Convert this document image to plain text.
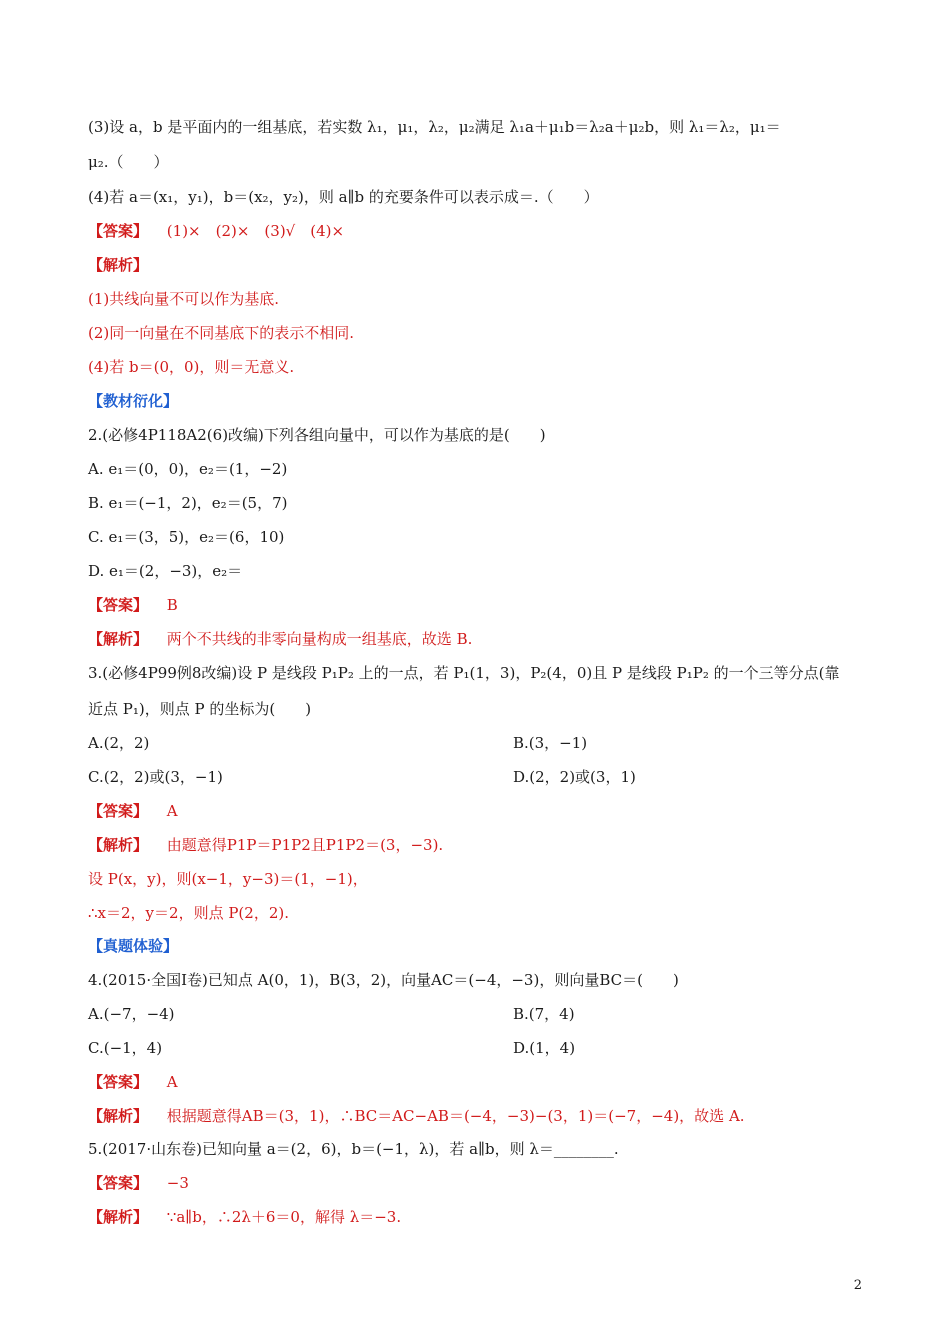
(3)设 a，b 是平面内的一组基底，若实数 λ₁，μ₁，λ₂，μ₂满足 λ₁a＋μ₁b＝λ₂a＋μ₂b，则 λ₁＝λ₂，μ₁＝
μ₂.（　　）
(4)若 a＝(x₁，y₁)，b＝(x₂，y₂)，则 a∥b 的充要条件可以表示成＝.（　　）
【答案】 (1)×　(2)×　(3)√　(4)×
【解析】
(1)共线向量不可以作为基底.
(2)同一向量在不同基底下的表示不相同.
(4)若 b＝(0，0)，则＝无意义.
【教材衍化】
2.(必修4P118A2(6)改编)下列各组向量中，可以作为基底的是(　　)
A. e₁＝(0，0)，e₂＝(1，−2)
B. e₁＝(−1，2)，e₂＝(5，7)
C. e₁＝(3，5)，e₂＝(6，10)
D. e₁＝(2，−3)，e₂＝
【答案】 B
【解析】 两个不共线的非零向量构成一组基底，故选 B.
3.(必修4P99例8改编)设 P 是线段 P₁P₂ 上的一点，若 P₁(1，3)，P₂(4，0)且 P 是线段 P₁P₂ 的一个三等分点(靠
近点 P₁)，则点 P 的坐标为(　　)
A.(2，2)	B.(3，−1)
C.(2，2)或(3，−1)	D.(2，2)或(3，1)
【答案】 A
【解析】 由题意得P1P＝P1P2且P1P2＝(3，−3).
设 P(x，y)，则(x−1，y−3)＝(1，−1)，
∴x＝2，y＝2，则点 P(2，2).
【真题体验】
4.(2015·全国Ⅰ卷)已知点 A(0，1)，B(3，2)，向量AC＝(−4，−3)，则向量BC＝(　　)
A.(−7，−4)	B.(7，4)
C.(−1，4)	D.(1，4)
【答案】 A
【解析】 根据题意得AB＝(3，1)，∴BC＝AC−AB＝(−4，−3)−(3，1)＝(−7，−4)，故选 A.
5.(2017·山东卷)已知向量 a＝(2，6)，b＝(−1，λ)，若 a∥b，则 λ＝________.
【答案】 −3
【解析】 ∵a∥b，∴2λ＋6＝0，解得 λ＝−3.
2
